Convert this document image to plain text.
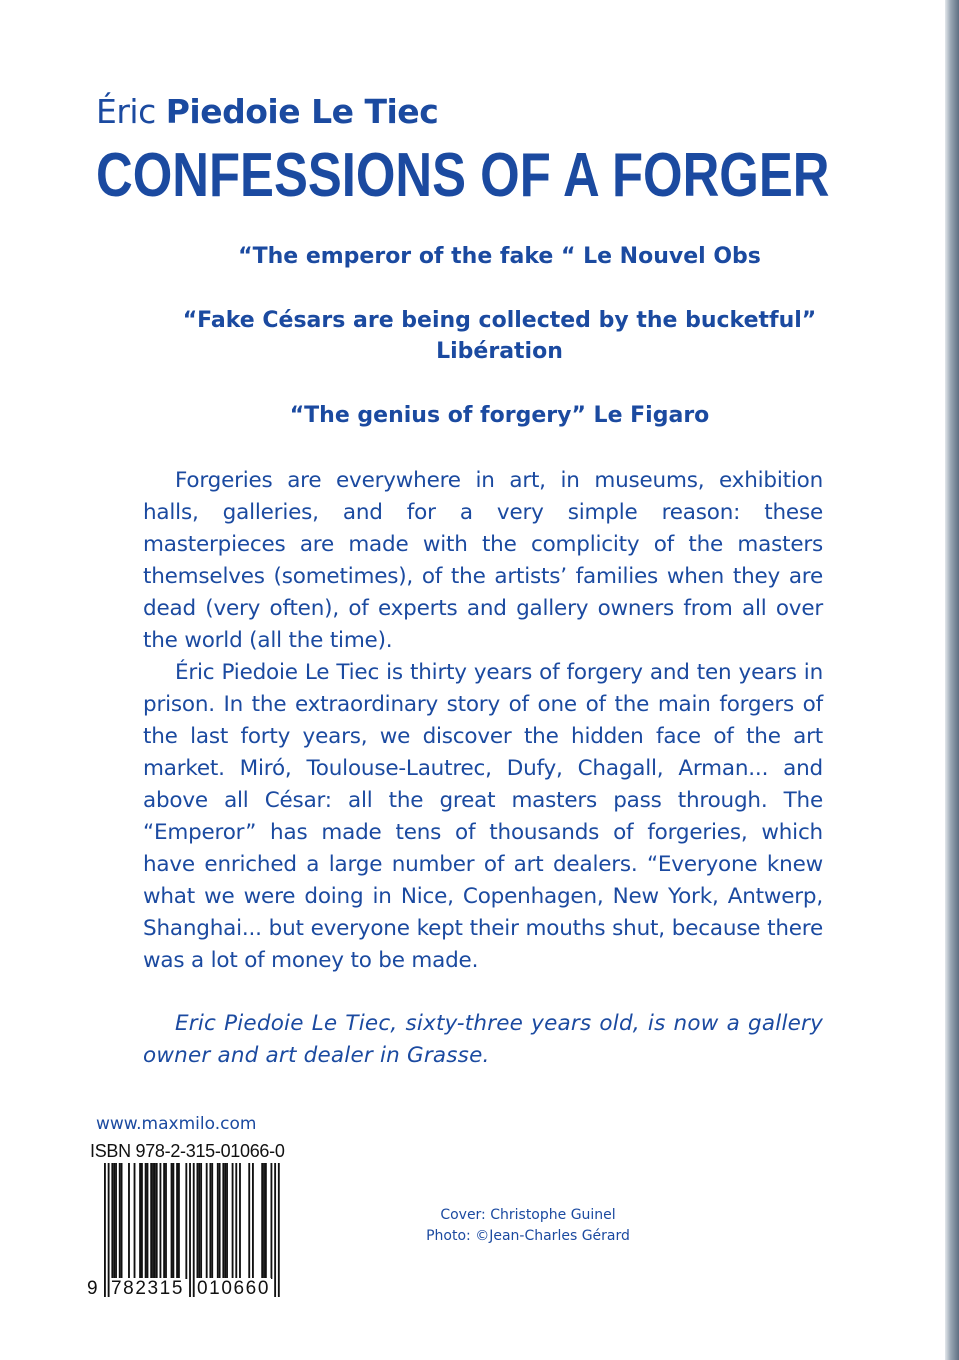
Éric Piedoie Le Tiec
CONFESSIONS OF A FORGER
“The emperor of the fake “ Le Nouvel Obs
“Fake Césars are being collected by the bucketful”
Libération
“The genius of forgery” Le Figaro

Forgeries are everywhere in art, in museums, exhibition halls, galleries, and for a very simple reason: these masterpieces are made with the complicity of the masters themselves (sometimes), of the artists’ families when they are dead (very often), of experts and gallery owners from all over the world (all the time).

Éric Piedoie Le Tiec is thirty years of forgery and ten years in prison. In the extraordinary story of one of the main forgers of the last forty years, we discover the hidden face of the art market. Miró, Toulouse-Lautrec, Dufy, Chagall, Arman... and above all César: all the great masters pass through. The “Emperor” has made tens of thousands of forgeries, which have enriched a large number of art dealers. “Everyone knew what we were doing in Nice, Copenhagen, New York, Antwerp, Shanghai... but everyone kept their mouths shut, because there was a lot of money to be made.

Eric Piedoie Le Tiec, sixty-three years old, is now a gallery owner and art dealer in Grasse.

www.maxmilo.com
ISBN 978-2-315-01066-0
9 782315 010660
Cover: Christophe Guinel
Photo: ©Jean-Charles Gérard
